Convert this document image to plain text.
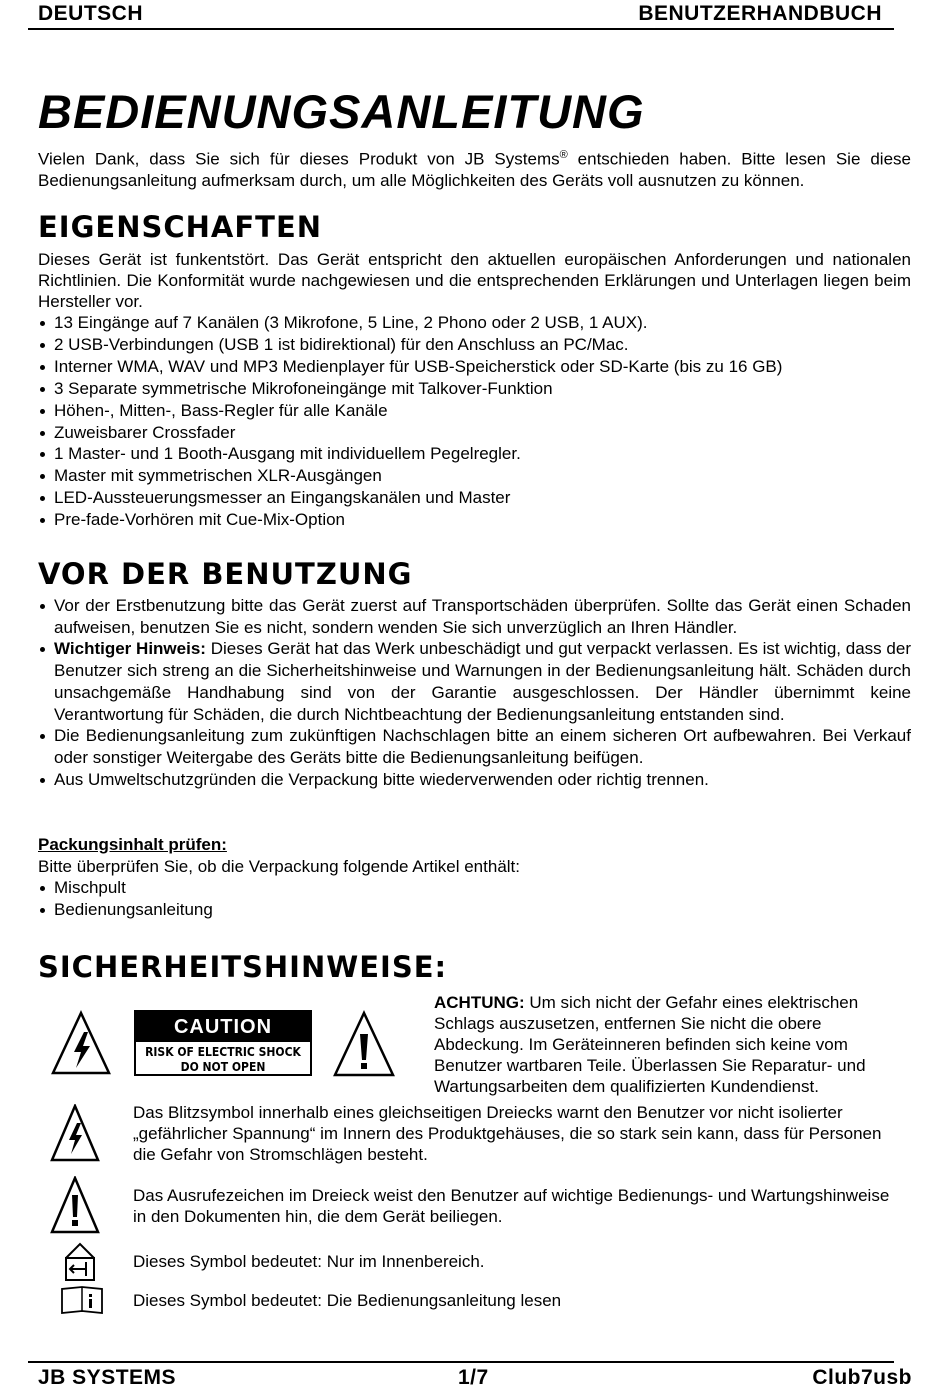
DEUTSCH	BENUTZERHANDBUCH
BEDIENUNGSANLEITUNG
Vielen Dank, dass Sie sich für dieses Produkt von JB Systems® entschieden haben. Bitte lesen Sie diese Bedienungsanleitung aufmerksam durch, um alle Möglichkeiten des Geräts voll ausnutzen zu können.
EIGENSCHAFTEN
Dieses Gerät ist funkentstört. Das Gerät entspricht den aktuellen europäischen Anforderungen und nationalen Richtlinien. Die Konformität wurde nachgewiesen und die entsprechenden Erklärungen und Unterlagen liegen beim Hersteller vor.
13 Eingänge auf 7 Kanälen (3 Mikrofone, 5 Line, 2 Phono oder 2 USB, 1 AUX).
2 USB-Verbindungen (USB 1 ist bidirektional) für den Anschluss an PC/Mac.
Interner WMA, WAV und MP3 Medienplayer für USB-Speicherstick oder SD-Karte (bis zu 16 GB)
3 Separate symmetrische Mikrofoneingänge mit Talkover-Funktion
Höhen-, Mitten-, Bass-Regler für alle Kanäle
Zuweisbarer Crossfader
1 Master- und 1 Booth-Ausgang mit individuellem Pegelregler.
Master mit symmetrischen XLR-Ausgängen
LED-Aussteuerungsmesser an Eingangskanälen und Master
Pre-fade-Vorhören mit Cue-Mix-Option
VOR DER BENUTZUNG
Vor der Erstbenutzung bitte das Gerät zuerst auf Transportschäden überprüfen. Sollte das Gerät einen Schaden aufweisen, benutzen Sie es nicht, sondern wenden Sie sich unverzüglich an Ihren Händler.
Wichtiger Hinweis: Dieses Gerät hat das Werk unbeschädigt und gut verpackt verlassen. Es ist wichtig, dass der Benutzer sich streng an die Sicherheitshinweise und Warnungen in der Bedienungsanleitung hält. Schäden durch unsachgemäße Handhabung sind von der Garantie ausgeschlossen. Der Händler übernimmt keine Verantwortung für Schäden, die durch Nichtbeachtung der Bedienungsanleitung entstanden sind.
Die Bedienungsanleitung zum zukünftigen Nachschlagen bitte an einem sicheren Ort aufbewahren. Bei Verkauf oder sonstiger Weitergabe des Geräts bitte die Bedienungsanleitung beifügen.
Aus Umweltschutzgründen die Verpackung bitte wiederverwenden oder richtig trennen.
Packungsinhalt prüfen:
Bitte überprüfen Sie, ob die Verpackung folgende Artikel enthält:
Mischpult
Bedienungsanleitung
SICHERHEITSHINWEISE:
CAUTION
RISK OF ELECTRIC SHOCK
DO NOT OPEN
ACHTUNG: Um sich nicht der Gefahr eines elektrischen Schlags auszusetzen, entfernen Sie nicht die obere Abdeckung. Im Geräteinneren befinden sich keine vom Benutzer wartbaren Teile. Überlassen Sie Reparatur- und Wartungsarbeiten dem qualifizierten Kundendienst.
Das Blitzsymbol innerhalb eines gleichseitigen Dreiecks warnt den Benutzer vor nicht isolierter „gefährlicher Spannung“ im Innern des Produktgehäuses, die so stark sein kann, dass für Personen die Gefahr von Stromschlägen besteht.
Das Ausrufezeichen im Dreieck weist den Benutzer auf wichtige Bedienungs- und Wartungshinweise in den Dokumenten hin, die dem Gerät beiliegen.
Dieses Symbol bedeutet: Nur im Innenbereich.
Dieses Symbol bedeutet: Die Bedienungsanleitung lesen
JB SYSTEMS	1/7	Club7usb
